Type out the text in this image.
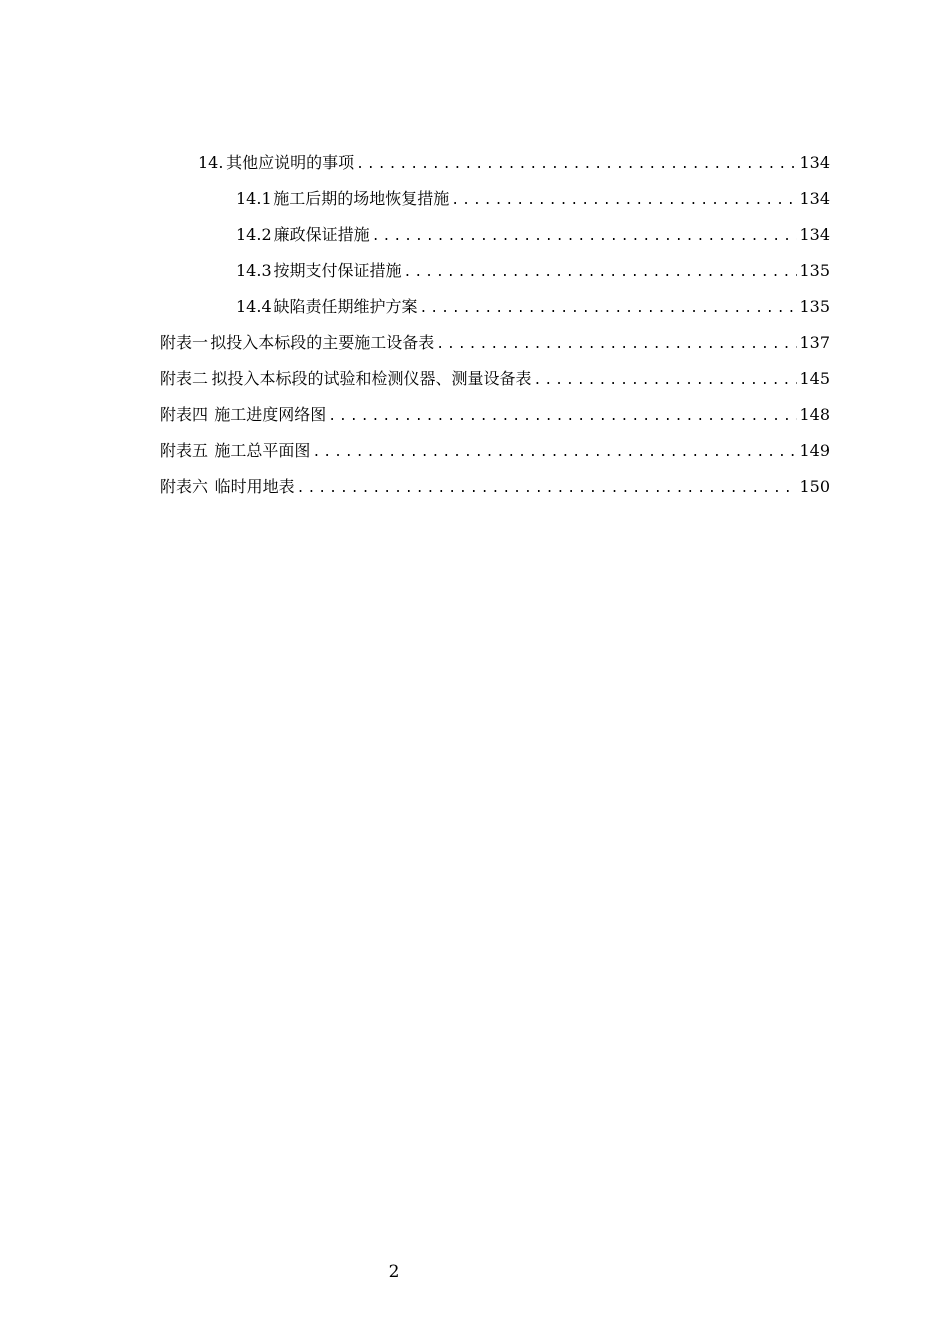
14. 其他应说明的事项 .....	134
14.1 施工后期的场地恢复措施 .....	134
14.2 廉政保证措施 .....	134
14.3 按期支付保证措施 .....	135
14.4 缺陷责任期维护方案 .....	135
附表一 拟投入本标段的主要施工设备表 .....	137
附表二 拟投入本标段的试验和检测仪器、测量设备表 .....	145
附表四 施工进度网络图 .....	148
附表五 施工总平面图 .....	149
附表六 临时用地表 .....	150
2
